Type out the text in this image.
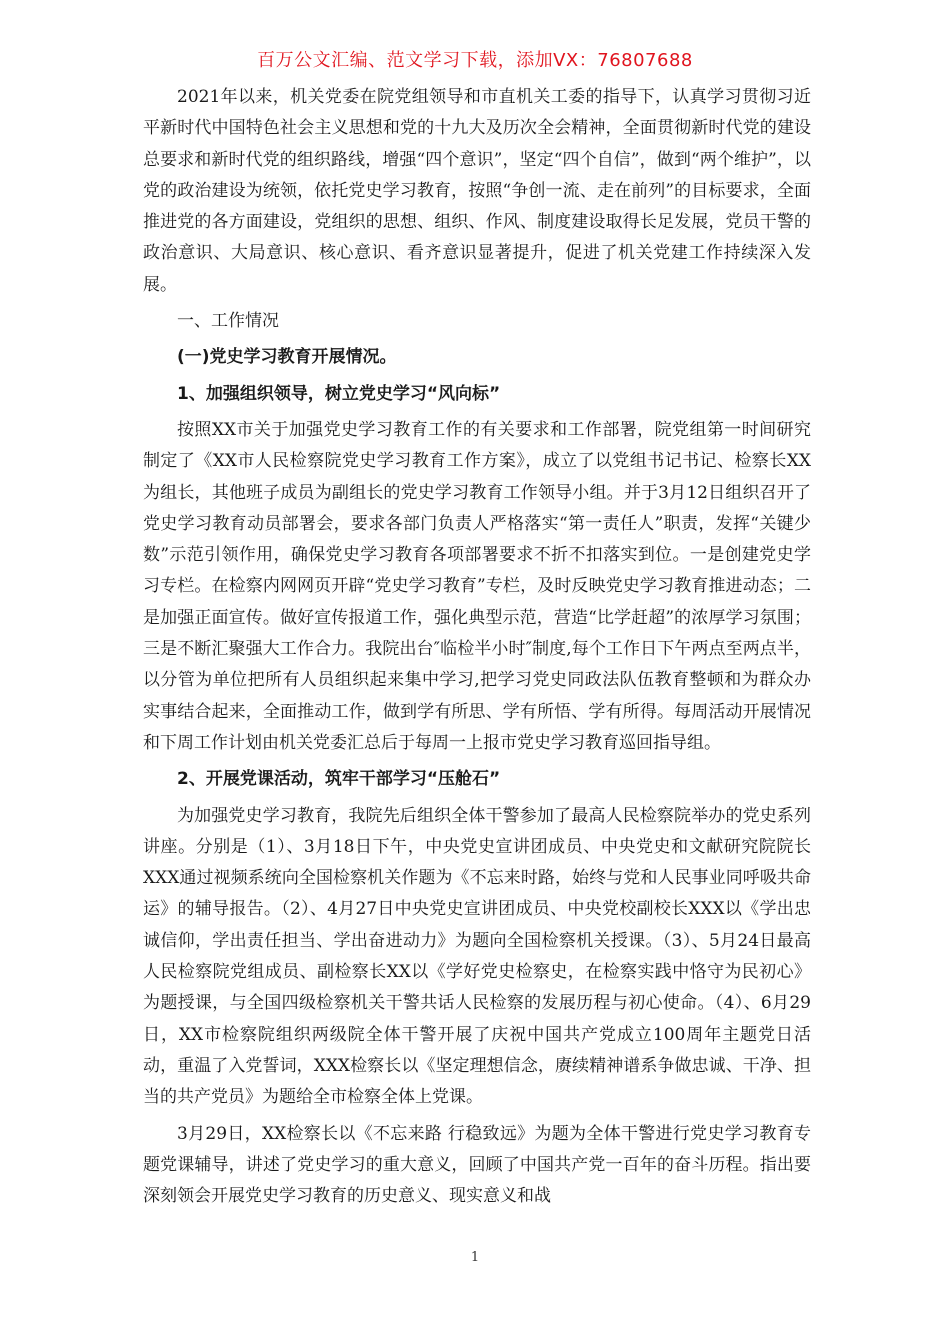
百万公文汇编、范文学习下载，添加VX：76807688

2021年以来，机关党委在院党组领导和市直机关工委的指导下，认真学习贯彻习近平新时代中国特色社会主义思想和党的十九大及历次全会精神，全面贯彻新时代党的建设总要求和新时代党的组织路线，增强“四个意识”，坚定“四个自信”，做到“两个维护”，以党的政治建设为统领，依托党史学习教育，按照“争创一流、走在前列”的目标要求，全面推进党的各方面建设，党组织的思想、组织、作风、制度建设取得长足发展，党员干警的政治意识、大局意识、核心意识、看齐意识显著提升，促进了机关党建工作持续深入发展。

一、工作情况

(一)党史学习教育开展情况。

1、加强组织领导，树立党史学习“风向标”

按照XX市关于加强党史学习教育工作的有关要求和工作部署，院党组第一时间研究制定了《XX市人民检察院党史学习教育工作方案》，成立了以党组书记书记、检察长XX为组长，其他班子成员为副组长的党史学习教育工作领导小组。并于3月12日组织召开了党史学习教育动员部署会，要求各部门负责人严格落实“第一责任人”职责，发挥“关键少数”示范引领作用，确保党史学习教育各项部署要求不折不扣落实到位。一是创建党史学习专栏。在检察内网网页开辟“党史学习教育”专栏，及时反映党史学习教育推进动态；二是加强正面宣传。做好宣传报道工作，强化典型示范，营造“比学赶超”的浓厚学习氛围；三是不断汇聚强大工作合力。我院出台″临检半小时″制度,每个工作日下午两点至两点半，以分管为单位把所有人员组织起来集中学习,把学习党史同政法队伍教育整顿和为群众办实事结合起来，全面推动工作，做到学有所思、学有所悟、学有所得。每周活动开展情况和下周工作计划由机关党委汇总后于每周一上报市党史学习教育巡回指导组。

2、开展党课活动，筑牢干部学习“压舱石”

为加强党史学习教育，我院先后组织全体干警参加了最高人民检察院举办的党史系列讲座。分别是（1）、3月18日下午，中央党史宣讲团成员、中央党史和文献研究院院长XXX通过视频系统向全国检察机关作题为《不忘来时路，始终与党和人民事业同呼吸共命运》的辅导报告。（2）、4月27日中央党史宣讲团成员、中央党校副校长XXX以《学出忠诚信仰，学出责任担当、学出奋进动力》为题向全国检察机关授课。（3）、5月24日最高人民检察院党组成员、副检察长XX以《学好党史检察史，在检察实践中恪守为民初心》为题授课，与全国四级检察机关干警共话人民检察的发展历程与初心使命。（4）、6月29日，XX市检察院组织两级院全体干警开展了庆祝中国共产党成立100周年主题党日活动，重温了入党誓词，XXX检察长以《坚定理想信念，赓续精神谱系争做忠诚、干净、担当的共产党员》为题给全市检察全体上党课。

3月29日，XX检察长以《不忘来路 行稳致远》为题为全体干警进行党史学习教育专题党课辅导，讲述了党史学习的重大意义，回顾了中国共产党一百年的奋斗历程。指出要深刻领会开展党史学习教育的历史意义、现实意义和战

1
